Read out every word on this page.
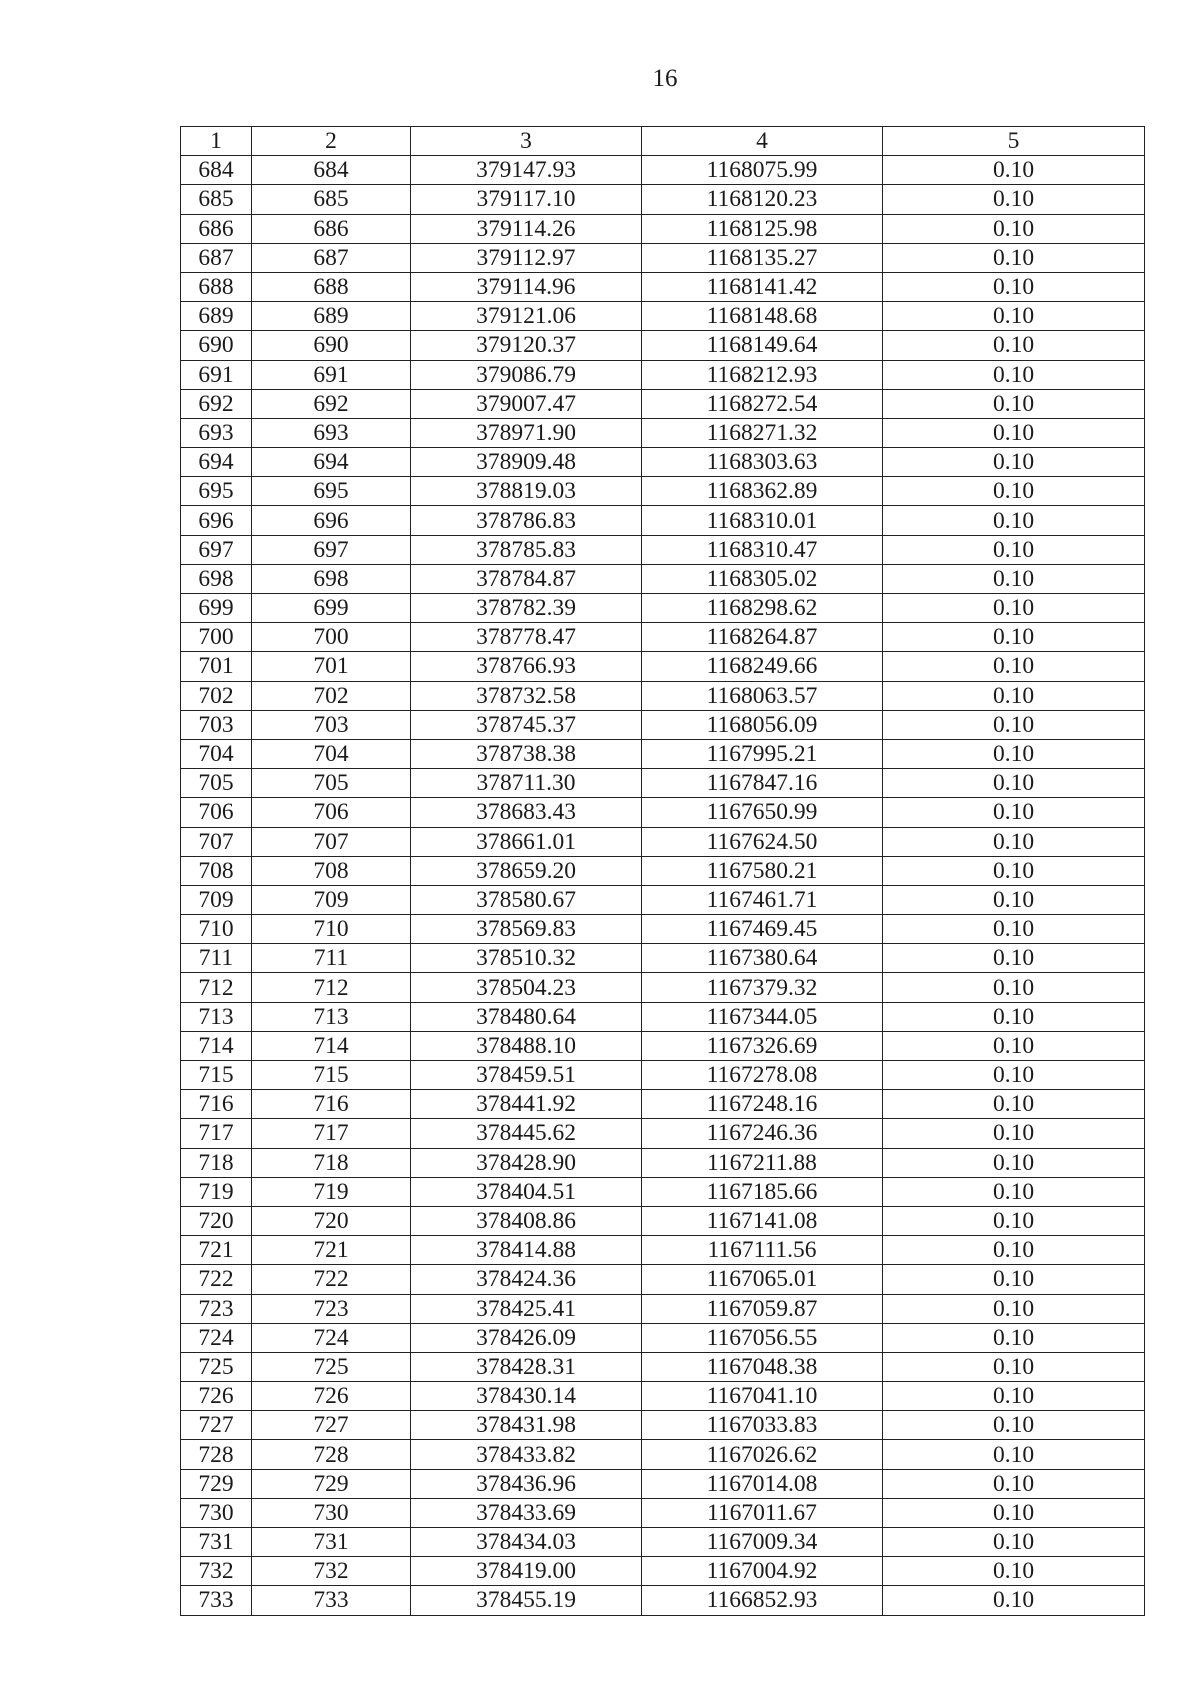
16
1	2	3	4	5
684	684	379147.93	1168075.99	0.10
685	685	379117.10	1168120.23	0.10
686	686	379114.26	1168125.98	0.10
687	687	379112.97	1168135.27	0.10
688	688	379114.96	1168141.42	0.10
689	689	379121.06	1168148.68	0.10
690	690	379120.37	1168149.64	0.10
691	691	379086.79	1168212.93	0.10
692	692	379007.47	1168272.54	0.10
693	693	378971.90	1168271.32	0.10
694	694	378909.48	1168303.63	0.10
695	695	378819.03	1168362.89	0.10
696	696	378786.83	1168310.01	0.10
697	697	378785.83	1168310.47	0.10
698	698	378784.87	1168305.02	0.10
699	699	378782.39	1168298.62	0.10
700	700	378778.47	1168264.87	0.10
701	701	378766.93	1168249.66	0.10
702	702	378732.58	1168063.57	0.10
703	703	378745.37	1168056.09	0.10
704	704	378738.38	1167995.21	0.10
705	705	378711.30	1167847.16	0.10
706	706	378683.43	1167650.99	0.10
707	707	378661.01	1167624.50	0.10
708	708	378659.20	1167580.21	0.10
709	709	378580.67	1167461.71	0.10
710	710	378569.83	1167469.45	0.10
711	711	378510.32	1167380.64	0.10
712	712	378504.23	1167379.32	0.10
713	713	378480.64	1167344.05	0.10
714	714	378488.10	1167326.69	0.10
715	715	378459.51	1167278.08	0.10
716	716	378441.92	1167248.16	0.10
717	717	378445.62	1167246.36	0.10
718	718	378428.90	1167211.88	0.10
719	719	378404.51	1167185.66	0.10
720	720	378408.86	1167141.08	0.10
721	721	378414.88	1167111.56	0.10
722	722	378424.36	1167065.01	0.10
723	723	378425.41	1167059.87	0.10
724	724	378426.09	1167056.55	0.10
725	725	378428.31	1167048.38	0.10
726	726	378430.14	1167041.10	0.10
727	727	378431.98	1167033.83	0.10
728	728	378433.82	1167026.62	0.10
729	729	378436.96	1167014.08	0.10
730	730	378433.69	1167011.67	0.10
731	731	378434.03	1167009.34	0.10
732	732	378419.00	1167004.92	0.10
733	733	378455.19	1166852.93	0.10
